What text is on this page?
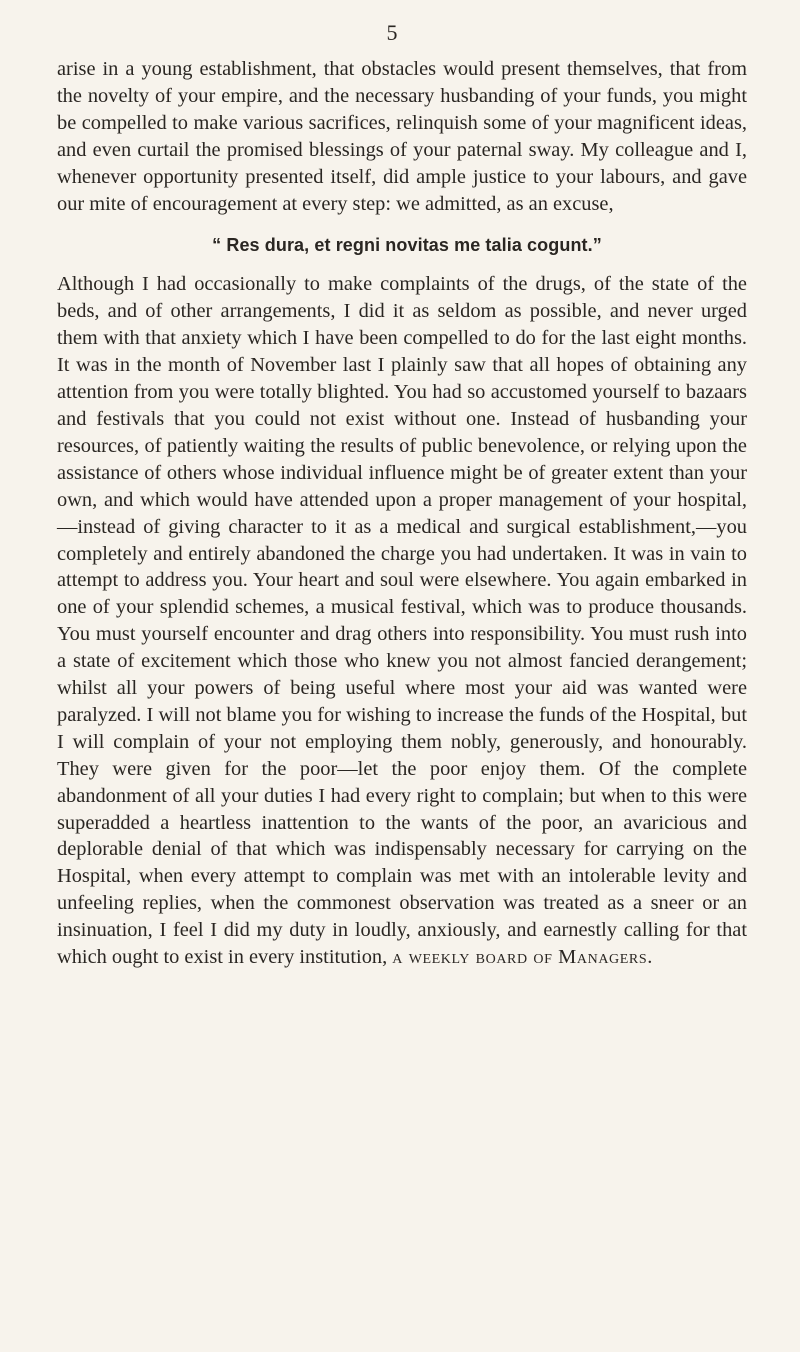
5

arise in a young establishment, that obstacles would present themselves, that from the novelty of your empire, and the necessary husbanding of your funds, you might be compelled to make various sacrifices, relinquish some of your magnificent ideas, and even curtail the promised blessings of your paternal sway. My colleague and I, whenever opportunity presented itself, did ample justice to your labours, and gave our mite of encouragement at every step: we admitted, as an excuse,

“ Res dura, et regni novitas me talia cogunt.”

Although I had occasionally to make complaints of the drugs, of the state of the beds, and of other arrangements, I did it as seldom as possible, and never urged them with that anxiety which I have been compelled to do for the last eight months. It was in the month of November last I plainly saw that all hopes of obtaining any attention from you were totally blighted. You had so accustomed yourself to bazaars and festivals that you could not exist without one. Instead of husbanding your resources, of patiently waiting the results of public benevolence, or relying upon the assistance of others whose individual influence might be of greater extent than your own, and which would have attended upon a proper management of your hospital,—instead of giving character to it as a medical and surgical establishment,—you completely and entirely abandoned the charge you had undertaken. It was in vain to attempt to address you. Your heart and soul were elsewhere. You again embarked in one of your splendid schemes, a musical festival, which was to produce thousands. You must yourself encounter and drag others into responsibility. You must rush into a state of excitement which those who knew you not almost fancied derangement; whilst all your powers of being useful where most your aid was wanted were paralyzed. I will not blame you for wishing to increase the funds of the Hospital, but I will complain of your not employing them nobly, generously, and honourably. They were given for the poor—let the poor enjoy them. Of the complete abandonment of all your duties I had every right to complain; but when to this were superadded a heartless inattention to the wants of the poor, an avaricious and deplorable denial of that which was indispensably necessary for carrying on the Hospital, when every attempt to complain was met with an intolerable levity and unfeeling replies, when the commonest observation was treated as a sneer or an insinuation, I feel I did my duty in loudly, anxiously, and earnestly calling for that which ought to exist in every institution, a weekly board of Managers.
